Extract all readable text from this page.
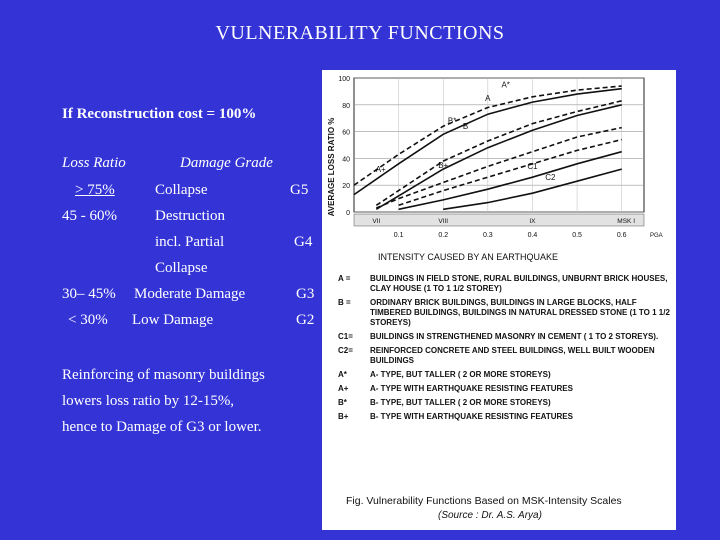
VULNERABILITY FUNCTIONS
If Reconstruction cost = 100%
Loss Ratio	Damage Grade
> 75%	Collapse	G5
45 - 60%	Destruction
incl. Partial	G4
Collapse
30– 45% Moderate Damage	G3
< 30% Low Damage	G2
Reinforcing of masonry buildings
lowers loss ratio by 12-15%,
hence to Damage of G3 or lower.
0
20
40
60
80
100
0.1	0.2	0.3	0.4	0.5	0.6	PGA
VII	VIII	IX	MSK I
AVERAGE LOSS RATIO %
INTENSITY CAUSED BY AN EARTHQUAKE
A*
A
B*
B
A+	B+	C1
C2
A =	BUILDINGS IN FIELD STONE, RURAL BUILDINGS, UNBURNT BRICK HOUSES, CLAY HOUSE (1 TO 1 1/2 STOREY)
B =	ORDINARY BRICK BUILDINGS, BUILDINGS IN LARGE BLOCKS, HALF TIMBERED BUILDINGS, BUILDINGS IN NATURAL DRESSED STONE (1 TO 1 1/2 STOREYS)
C1=	BUILDINGS IN STRENGTHENED MASONRY IN CEMENT ( 1 TO 2 STOREYS).
C2=	REINFORCED CONCRETE AND STEEL BUILDINGS, WELL BUILT WOODEN BUILDINGS
A*	A- TYPE, BUT TALLER ( 2 OR MORE STOREYS)
A+	A- TYPE WITH EARTHQUAKE RESISTING FEATURES
B*	B- TYPE, BUT TALLER ( 2 OR MORE STOREYS)
B+	B- TYPE WITH EARTHQUAKE RESISTING FEATURES
Fig. Vulnerability Functions Based on MSK-Intensity Scales
(Source : Dr. A.S. Arya)
